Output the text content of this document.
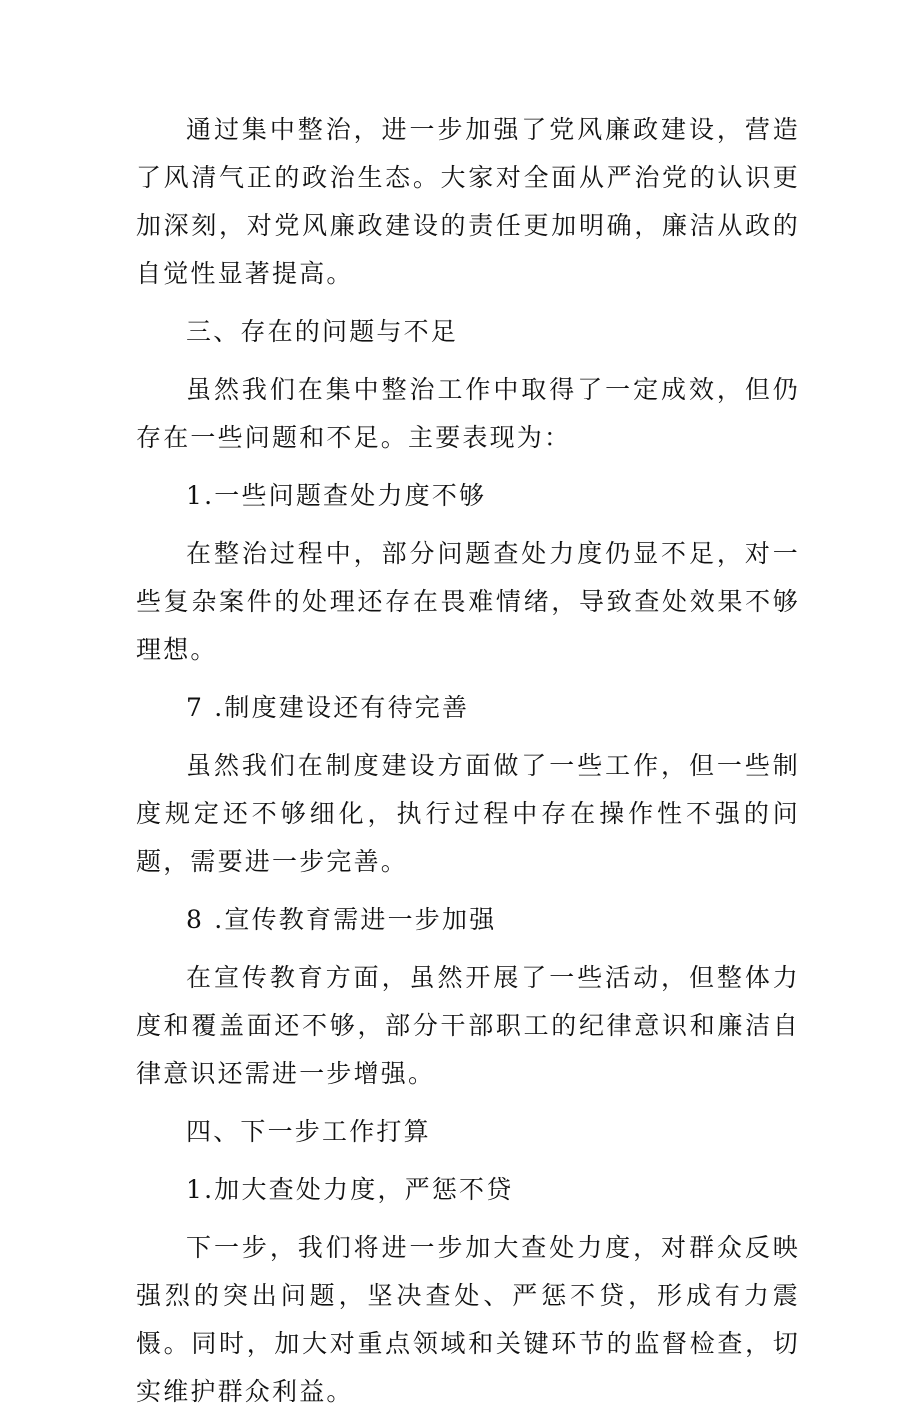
通过集中整治，进一步加强了党风廉政建设，营造了风清气正的政治生态。大家对全面从严治党的认识更加深刻，对党风廉政建设的责任更加明确，廉洁从政的自觉性显著提高。

三、存在的问题与不足

虽然我们在集中整治工作中取得了一定成效，但仍存在一些问题和不足。主要表现为：

1.一些问题查处力度不够

在整治过程中，部分问题查处力度仍显不足，对一些复杂案件的处理还存在畏难情绪，导致查处效果不够理想。

7 .制度建设还有待完善

虽然我们在制度建设方面做了一些工作，但一些制度规定还不够细化，执行过程中存在操作性不强的问题，需要进一步完善。

8 .宣传教育需进一步加强

在宣传教育方面，虽然开展了一些活动，但整体力度和覆盖面还不够，部分干部职工的纪律意识和廉洁自律意识还需进一步增强。

四、下一步工作打算

1.加大查处力度，严惩不贷

下一步，我们将进一步加大查处力度，对群众反映强烈的突出问题，坚决查处、严惩不贷，形成有力震慑。同时，加大对重点领域和关键环节的监督检查，切实维护群众利益。
